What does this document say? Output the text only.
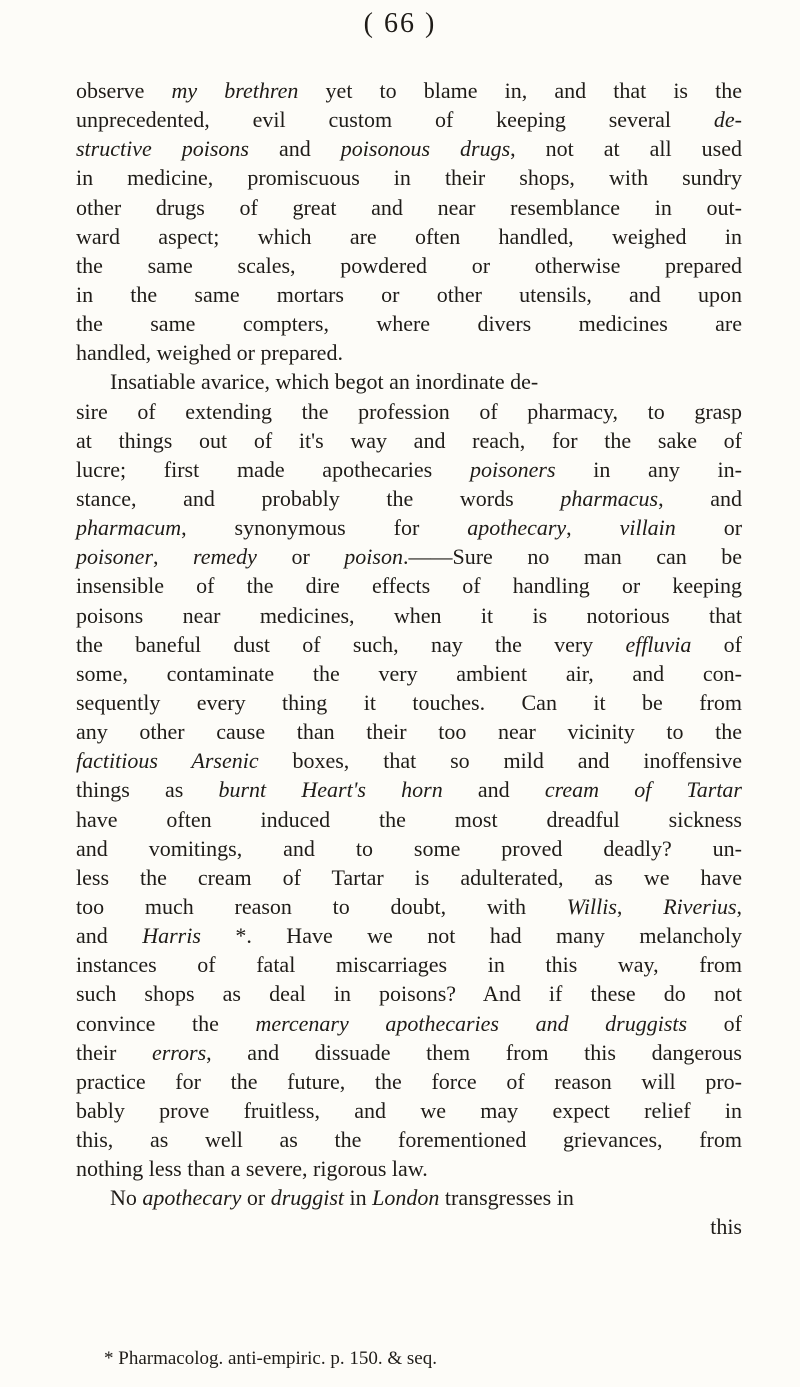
( 66 )
observe my brethren yet to blame in, and that is the
unprecedented, evil custom of keeping several de-
structive poisons and poisonous drugs, not at all used
in medicine, promiscuous in their shops, with sundry
other drugs of great and near resemblance in out-
ward aspect; which are often handled, weighed in
the same scales, powdered or otherwise prepared
in the same mortars or other utensils, and upon
the same compters, where divers medicines are
handled, weighed or prepared.
Insatiable avarice, which begot an inordinate de-
sire of extending the profession of pharmacy, to grasp
at things out of it's way and reach, for the sake of
lucre; first made apothecaries poisoners in any in-
stance, and probably the words pharmacus, and
pharmacum, synonymous for apothecary, villain or
poisoner, remedy or poison.——Sure no man can be
insensible of the dire effects of handling or keeping
poisons near medicines, when it is notorious that
the baneful dust of such, nay the very effluvia of
some, contaminate the very ambient air, and con-
sequently every thing it touches. Can it be from
any other cause than their too near vicinity to the
factitious Arsenic boxes, that so mild and inoffensive
things as burnt Heart's horn and cream of Tartar
have often induced the most dreadful sickness
and vomitings, and to some proved deadly? un-
less the cream of Tartar is adulterated, as we have
too much reason to doubt, with Willis, Riverius,
and Harris *. Have we not had many melancholy
instances of fatal miscarriages in this way, from
such shops as deal in poisons? And if these do not
convince the mercenary apothecaries and druggists of
their errors, and dissuade them from this dangerous
practice for the future, the force of reason will pro-
bably prove fruitless, and we may expect relief in
this, as well as the forementioned grievances, from
nothing less than a severe, rigorous law.
No apothecary or druggist in London transgresses in
this
* Pharmacolog. anti-empiric. p. 150. & seq.
